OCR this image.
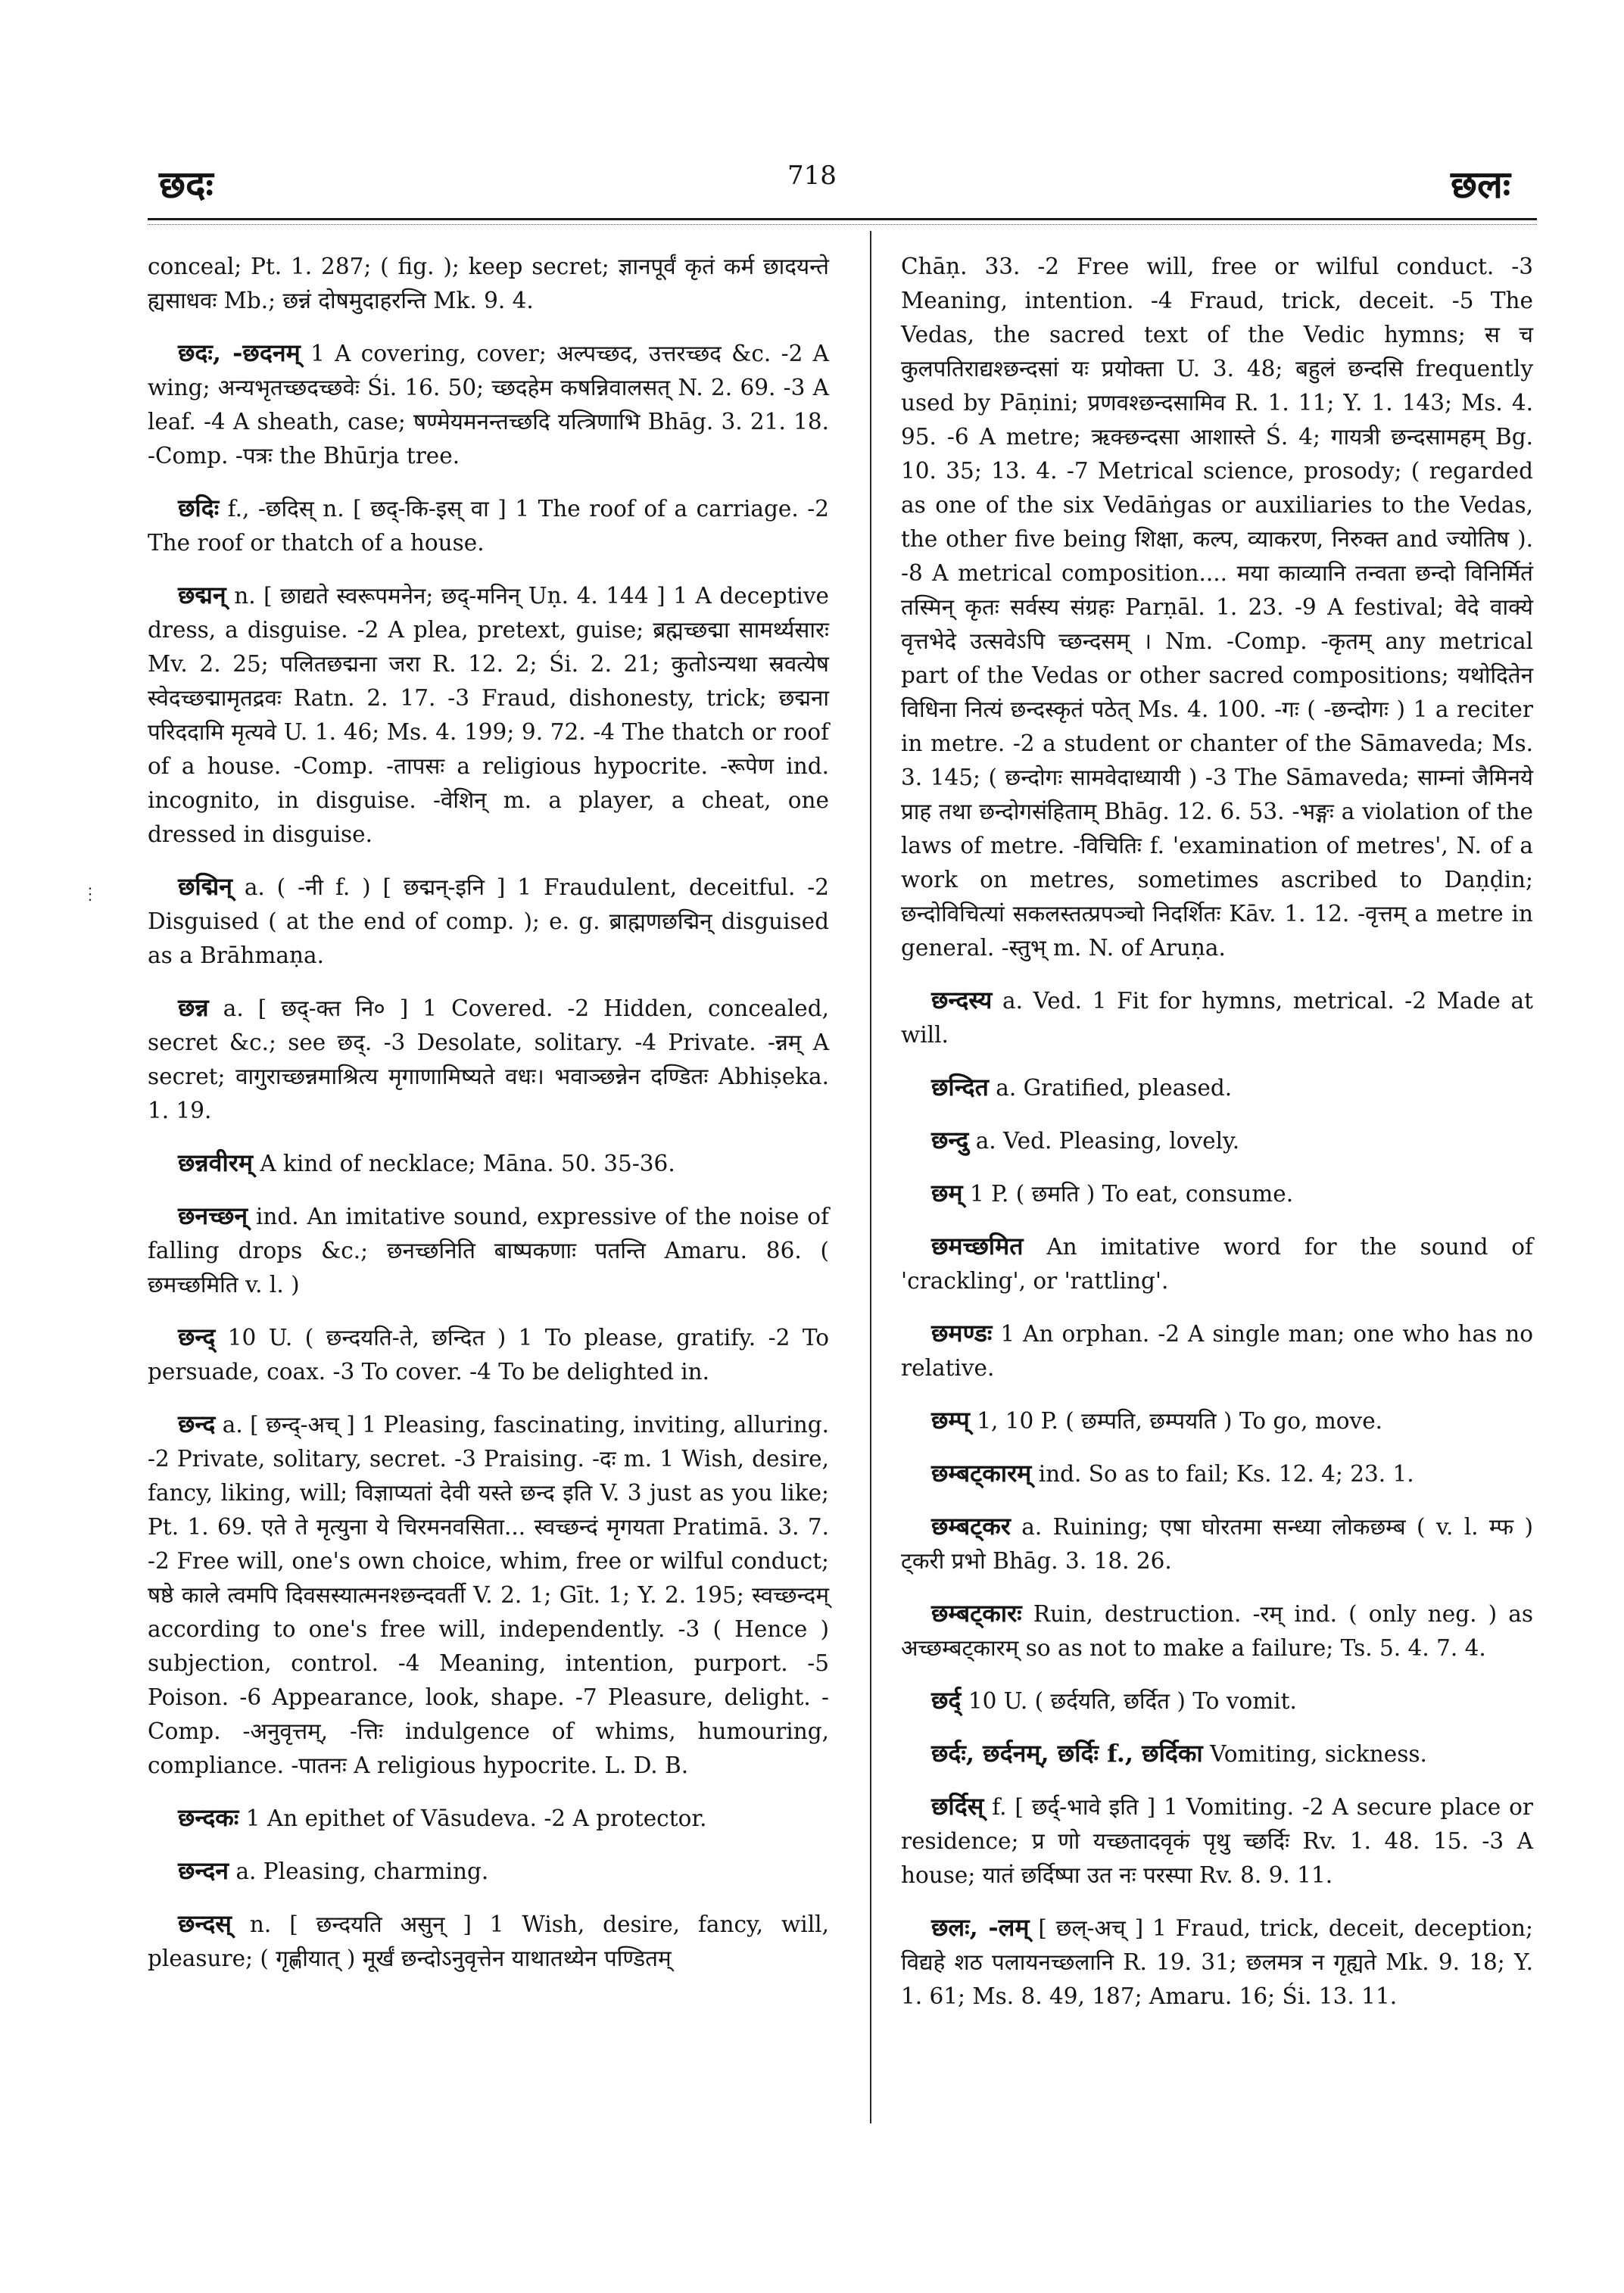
छदः	718	छलः
⋮

conceal; Pt. 1. 287; ( fig. ); keep secret; ज्ञानपूर्वं कृतं कर्म छादयन्ते ह्यसाधवः Mb.; छन्नं दोषमुदाहरन्ति Mk. 9. 4.

छदः, -छदनम् 1 A covering, cover; अल्पच्छद, उत्तरच्छद &c. -2 A wing; अन्यभृतच्छदच्छवेः Śi. 16. 50; च्छदहेम कषन्निवालसत् N. 2. 69. -3 A leaf. -4 A sheath, case; षण्मेयमनन्तच्छदि यत्त्रिणाभि Bhāg. 3. 21. 18. -Comp. -पत्रः the Bhūrja tree.

छदिः f., -छदिस् n. [ छद्-कि-इस् वा ] 1 The roof of a carriage. -2 The roof or thatch of a house.

छद्मन् n. [ छाद्यते स्वरूपमनेन; छद्-मनिन् Uṇ. 4. 144 ] 1 A deceptive dress, a disguise. -2 A plea, pretext, guise; ब्रह्मच्छद्मा सामर्थ्यसारः Mv. 2. 25; पलितछद्मना जरा R. 12. 2; Śi. 2. 21; कुतोऽन्यथा स्रवत्येष स्वेदच्छद्मामृतद्रवः Ratn. 2. 17. -3 Fraud, dishonesty, trick; छद्मना परिददामि मृत्यवे U. 1. 46; Ms. 4. 199; 9. 72. -4 The thatch or roof of a house. -Comp. -तापसः a religious hypocrite. -रूपेण ind. incognito, in disguise. -वेशिन् m. a player, a cheat, one dressed in disguise.

छद्मिन् a. ( -नी f. ) [ छद्मन्-इनि ] 1 Fraudulent, deceitful. -2 Disguised ( at the end of comp. ); e. g. ब्राह्मणछद्मिन् disguised as a Brāhmaṇa.

छन्न a. [ छद्-क्त नि० ] 1 Covered. -2 Hidden, concealed, secret &c.; see छद्. -3 Desolate, solitary. -4 Private. -न्नम् A secret; वागुराच्छन्नमाश्रित्य मृगाणामिष्यते वधः। भवाञ्छन्नेन दण्डितः Abhiṣeka. 1. 19.

छन्नवीरम् A kind of necklace; Māna. 50. 35-36.

छनच्छन् ind. An imitative sound, expressive of the noise of falling drops &c.; छनच्छनिति बाष्पकणाः पतन्ति Amaru. 86. ( छमच्छमिति v. l. )

छन्द् 10 U. ( छन्दयति-ते, छन्दित ) 1 To please, gratify. -2 To persuade, coax. -3 To cover. -4 To be delighted in.

छन्द a. [ छन्द्-अच् ] 1 Pleasing, fascinating, inviting, alluring. -2 Private, solitary, secret. -3 Praising. -दः m. 1 Wish, desire, fancy, liking, will; विज्ञाप्यतां देवी यस्ते छन्द इति V. 3 just as you like; Pt. 1. 69. एते ते मृत्युना ये चिरमनवसिता... स्वच्छन्दं मृगयता Pratimā. 3. 7. -2 Free will, one's own choice, whim, free or wilful conduct; षष्ठे काले त्वमपि दिवसस्यात्मनश्छन्दवर्ती V. 2. 1; Gīt. 1; Y. 2. 195; स्वच्छन्दम् according to one's free will, independently. -3 ( Hence ) subjection, control. -4 Meaning, intention, purport. -5 Poison. -6 Appearance, look, shape. -7 Pleasure, delight. -Comp. -अनुवृत्तम्, -त्तिः indulgence of whims, humouring, compliance. -पातनः A religious hypocrite. L. D. B.

छन्दकः 1 An epithet of Vāsudeva. -2 A protector.

छन्दन a. Pleasing, charming.

छन्दस् n. [ छन्दयति असुन् ] 1 Wish, desire, fancy, will, pleasure; ( गृह्णीयात् ) मूर्खं छन्दोऽनुवृत्तेन याथातथ्येन पण्डितम्

Chāṇ. 33. -2 Free will, free or wilful conduct. -3 Meaning, intention. -4 Fraud, trick, deceit. -5 The Vedas, the sacred text of the Vedic hymns; स च कुलपतिराद्यश्छन्दसां यः प्रयोक्ता U. 3. 48; बहुलं छन्दसि frequently used by Pāṇini; प्रणवश्छन्दसामिव R. 1. 11; Y. 1. 143; Ms. 4. 95. -6 A metre; ऋक्छन्दसा आशास्ते Ś. 4; गायत्री छन्दसामहम् Bg. 10. 35; 13. 4. -7 Metrical science, prosody; ( regarded as one of the six Vedāṅgas or auxiliaries to the Vedas, the other five being शिक्षा, कल्प, व्याकरण, निरुक्त and ज्योतिष ). -8 A metrical composition.... मया काव्यानि तन्वता छन्दो विनिर्मितं तस्मिन् कृतः सर्वस्य संग्रहः Parṇāl. 1. 23. -9 A festival; वेदे वाक्ये वृत्तभेदे उत्सवेऽपि च्छन्दसम् । Nm. -Comp. -कृतम् any metrical part of the Vedas or other sacred compositions; यथोदितेन विधिना नित्यं छन्दस्कृतं पठेत् Ms. 4. 100. -गः ( -छन्दोगः ) 1 a reciter in metre. -2 a student or chanter of the Sāmaveda; Ms. 3. 145; ( छन्दोगः सामवेदाध्यायी ) -3 The Sāmaveda; साम्नां जैमिनये प्राह तथा छन्दोगसंहिताम् Bhāg. 12. 6. 53. -भङ्गः a violation of the laws of metre. -विचितिः f. 'examination of metres', N. of a work on metres, sometimes ascribed to Daṇḍin; छन्दोविचित्यां सकलस्तत्प्रपञ्चो निदर्शितः Kāv. 1. 12. -वृत्तम् a metre in general. -स्तुभ् m. N. of Aruṇa.

छन्दस्य a. Ved. 1 Fit for hymns, metrical. -2 Made at will.

छन्दित a. Gratified, pleased.

छन्दु a. Ved. Pleasing, lovely.

छम् 1 P. ( छमति ) To eat, consume.

छमच्छमित An imitative word for the sound of 'crackling', or 'rattling'.

छमण्डः 1 An orphan. -2 A single man; one who has no relative.

छम्प् 1, 10 P. ( छम्पति, छम्पयति ) To go, move.

छम्बट्कारम् ind. So as to fail; Ks. 12. 4; 23. 1.

छम्बट्कर a. Ruining; एषा घोरतमा सन्ध्या लोकछम्ब ( v. l. म्फ ) ट्करी प्रभो Bhāg. 3. 18. 26.

छम्बट्कारः Ruin, destruction. -रम् ind. ( only neg. ) as अच्छम्बट्कारम् so as not to make a failure; Ts. 5. 4. 7. 4.

छर्द् 10 U. ( छर्दयति, छर्दित ) To vomit.

छर्दः, छर्दनम्, छर्दिः f., छर्दिका Vomiting, sickness.

छर्दिस् f. [ छर्द्-भावे इति ] 1 Vomiting. -2 A secure place or residence; प्र णो यच्छतादवृकं पृथु च्छर्दिः Rv. 1. 48. 15. -3 A house; यातं छर्दिष्पा उत नः परस्पा Rv. 8. 9. 11.

छलः, -लम् [ छल्-अच् ] 1 Fraud, trick, deceit, deception; विद्यहे शठ पलायनच्छलानि R. 19. 31; छलमत्र न गृह्यते Mk. 9. 18; Y. 1. 61; Ms. 8. 49, 187; Amaru. 16; Śi. 13. 11.
